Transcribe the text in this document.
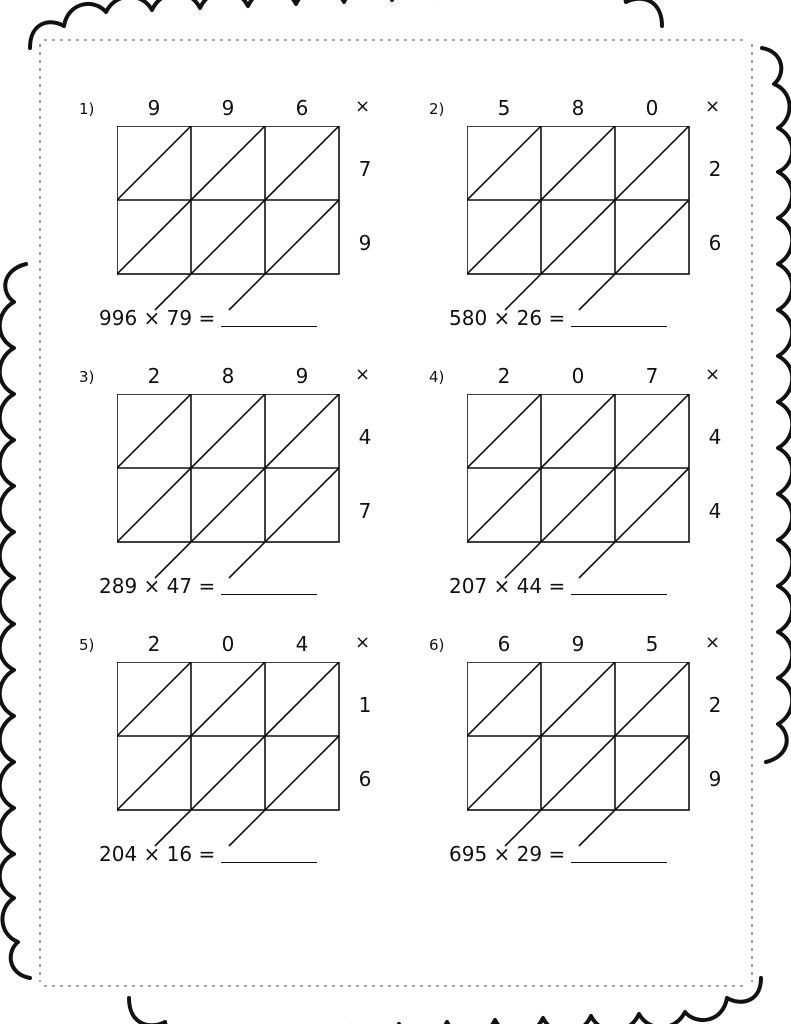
1)	9	9	6	×
7
9
996 × 79 =
2)	5	8	0	×
2
6
580 × 26 =
3)	2	8	9	×
4
7
289 × 47 =
4)	2	0	7	×
4
4
207 × 44 =
5)	2	0	4	×
1
6
204 × 16 =
6)	6	9	5	×
2
9
695 × 29 =
